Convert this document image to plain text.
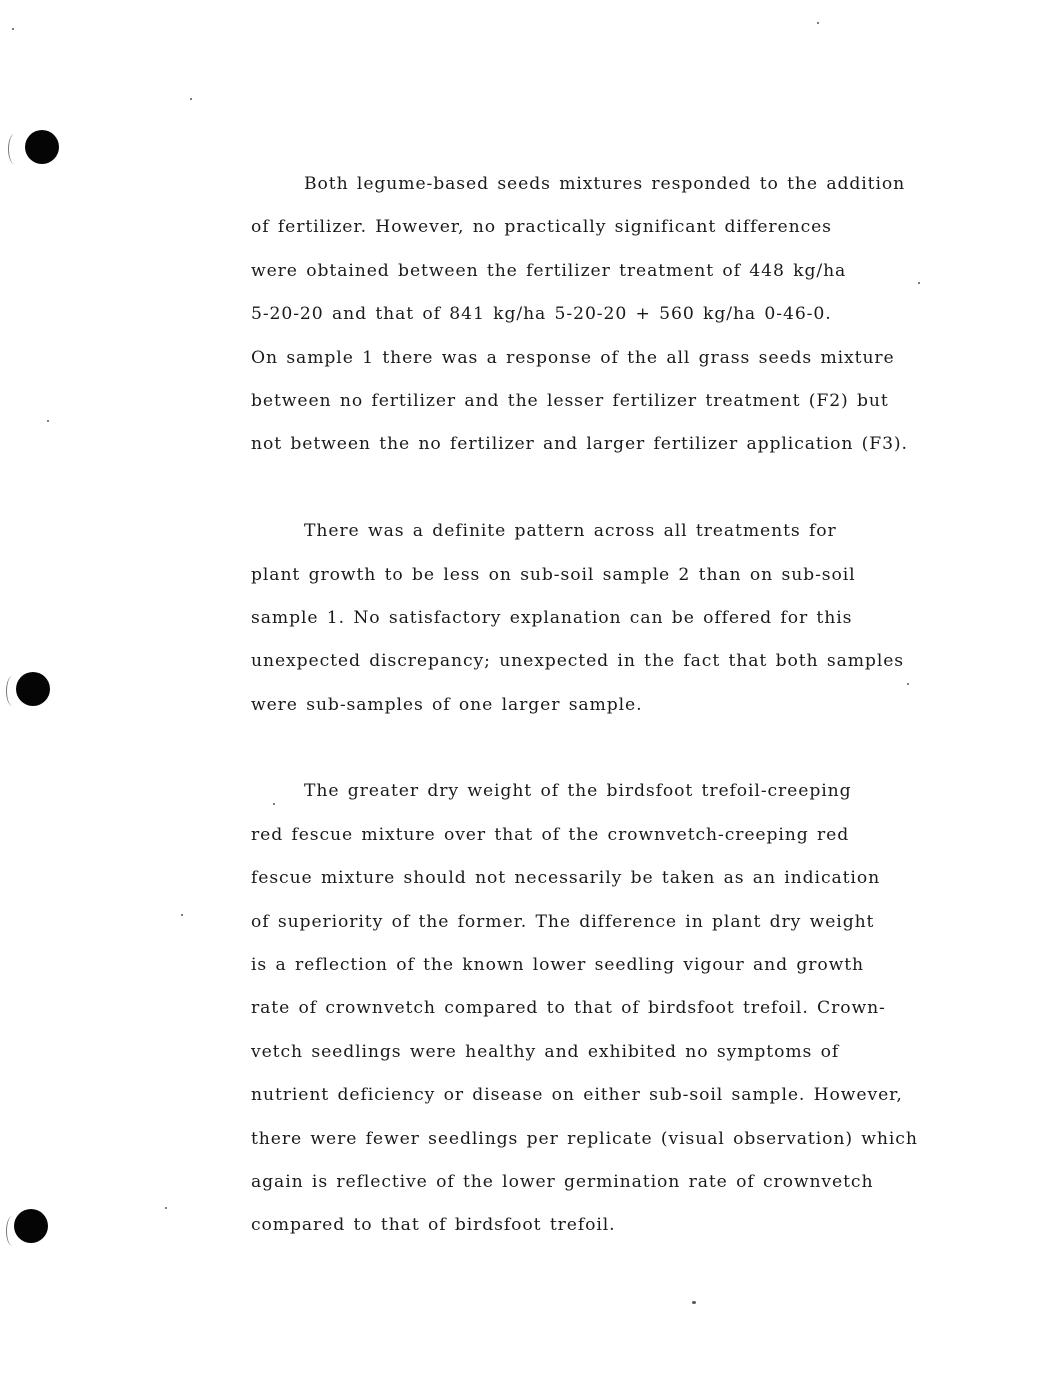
Both legume-based seeds mixtures responded to the addition
of fertilizer. However, no practically significant differences
were obtained between the fertilizer treatment of 448 kg/ha
5-20-20 and that of 841 kg/ha 5-20-20 + 560 kg/ha 0-46-0.
On sample 1 there was a response of the all grass seeds mixture
between no fertilizer and the lesser fertilizer treatment (F2) but
not between the no fertilizer and larger fertilizer application (F3).
There was a definite pattern across all treatments for
plant growth to be less on sub-soil sample 2 than on sub-soil
sample 1. No satisfactory explanation can be offered for this
unexpected discrepancy; unexpected in the fact that both samples
were sub-samples of one larger sample.
The greater dry weight of the birdsfoot trefoil-creeping
red fescue mixture over that of the crownvetch-creeping red
fescue mixture should not necessarily be taken as an indication
of superiority of the former. The difference in plant dry weight
is a reflection of the known lower seedling vigour and growth
rate of crownvetch compared to that of birdsfoot trefoil. Crown-
vetch seedlings were healthy and exhibited no symptoms of
nutrient deficiency or disease on either sub-soil sample. However,
there were fewer seedlings per replicate (visual observation) which
again is reflective of the lower germination rate of crownvetch
compared to that of birdsfoot trefoil.
